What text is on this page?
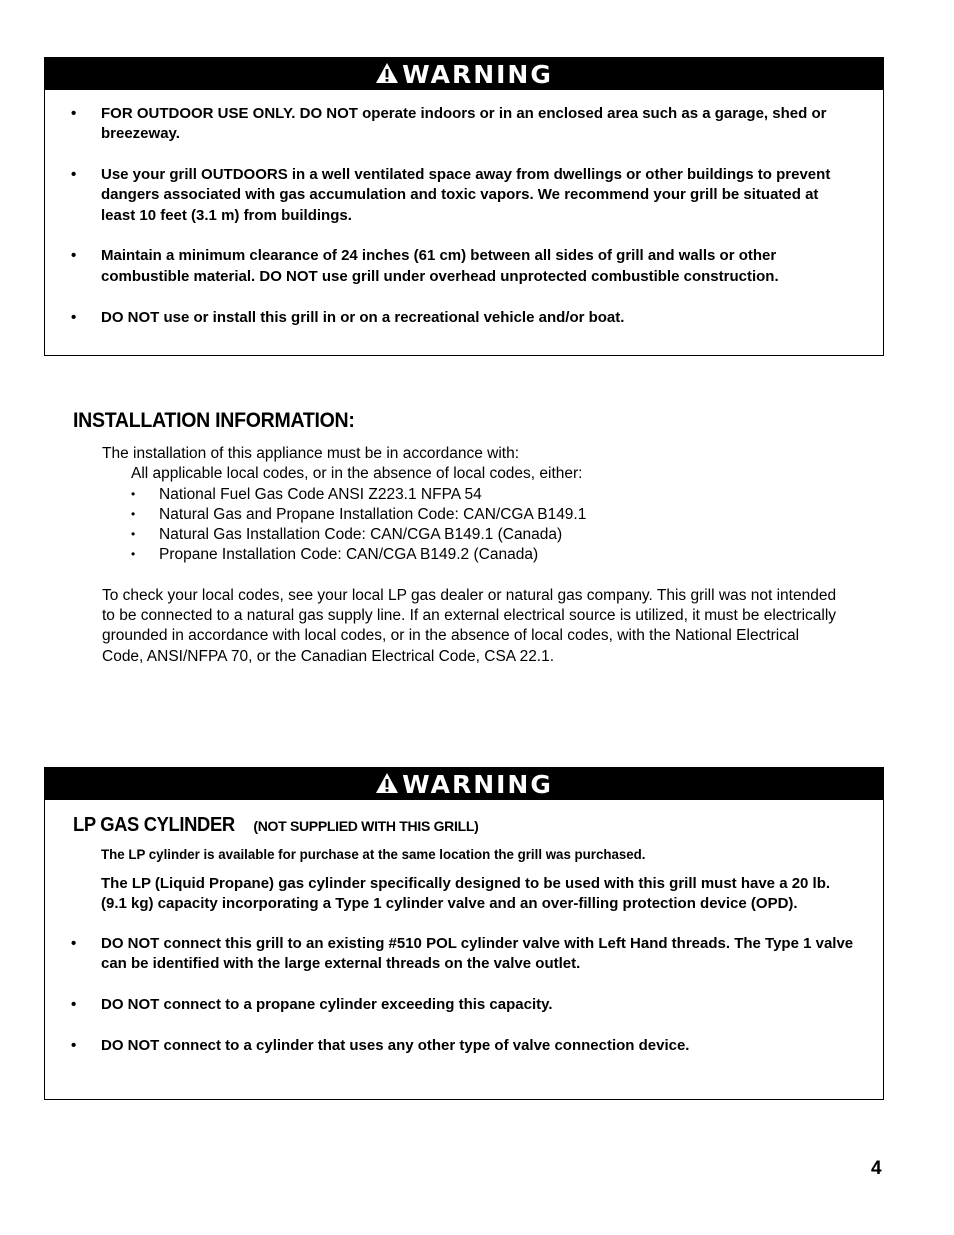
WARNING
• FOR OUTDOOR USE ONLY. DO NOT operate indoors or in an enclosed area such as a garage, shed or breezeway.
• Use your grill OUTDOORS in a well ventilated space away from dwellings or other buildings to prevent dangers associated with gas accumulation and toxic vapors. We recommend your grill be situated at least 10 feet (3.1 m) from buildings.
• Maintain a minimum clearance of 24 inches (61 cm) between all sides of grill and walls or other combustible material. DO NOT use grill under overhead unprotected combustible construction.
• DO NOT use or install this grill in or on a recreational vehicle and/or boat.
INSTALLATION INFORMATION:
The installation of this appliance must be in accordance with:
All applicable local codes, or in the absence of local codes, either:
• National Fuel Gas Code ANSI Z223.1 NFPA 54
• Natural Gas and Propane Installation Code: CAN/CGA B149.1
• Natural Gas Installation Code: CAN/CGA B149.1 (Canada)
• Propane Installation Code: CAN/CGA B149.2 (Canada)
To check your local codes, see your local LP gas dealer or natural gas company. This grill was not intended to be connected to a natural gas supply line. If an external electrical source is utilized, it must be electrically grounded in accordance with local codes, or in the absence of local codes, with the National Electrical Code, ANSI/NFPA 70, or the Canadian Electrical Code, CSA 22.1.
WARNING
LP GAS CYLINDER (NOT SUPPLIED WITH THIS GRILL)
The LP cylinder is available for purchase at the same location the grill was purchased.
The LP (Liquid Propane) gas cylinder specifically designed to be used with this grill must have a 20 lb. (9.1 kg) capacity incorporating a Type 1 cylinder valve and an over-filling protection device (OPD).
• DO NOT connect this grill to an existing #510 POL cylinder valve with Left Hand threads. The Type 1 valve can be identified with the large external threads on the valve outlet.
• DO NOT connect to a propane cylinder exceeding this capacity.
• DO NOT connect to a cylinder that uses any other type of valve connection device.
4
